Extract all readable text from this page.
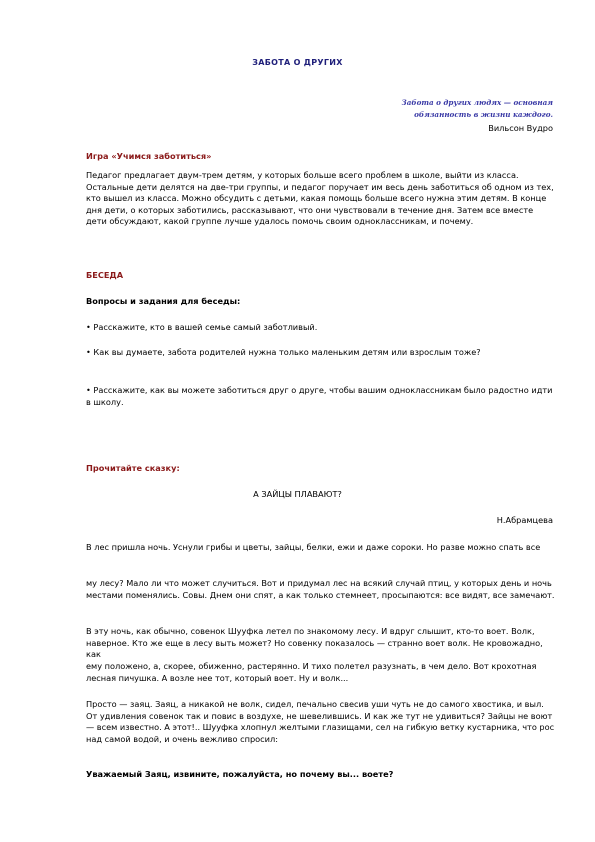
ЗАБОТА О ДРУГИХ
Забота о других людях — основная
обязанность в жизни каждого.
Вильсон Вудро
Игра «Учимся заботиться»
Педагог предлагает двум-трем детям, у которых больше всего проблем в школе, выйти из класса. Остальные дети делятся на две-три группы, и педагог поручает им весь день заботиться об одном из тех, кто вышел из класса. Можно обсудить с детьми, какая помощь больше всего нужна этим детям. В конце дня дети, о которых заботились, рассказывают, что они чувствовали в течение дня. Затем все вместе дети обсуждают, какой группе лучше удалось помочь своим одноклассникам, и почему.
БЕСЕДА
Вопросы и задания для беседы:
• Расскажите, кто в вашей семье самый заботливый.
• Как вы думаете, забота родителей нужна только маленьким детям или взрослым тоже?
• Расскажите, как вы можете заботиться друг о друге, чтобы вашим одноклассникам было радостно идти в школу.
Прочитайте сказку:
А ЗАЙЦЫ ПЛАВАЮТ?
Н.Абрамцева
В лес пришла ночь. Уснули грибы и цветы, зайцы, белки, ежи и даже сороки. Но разве можно спать все
му лесу? Мало ли что может случиться. Вот и придумал лес на всякий случай птиц, у которых день и ночь местами поменялись. Совы. Днем они спят, а как только стемнеет, просыпаются: все видят, все замечают.
В эту ночь, как обычно, совенок Шууфка летел по знакомому лесу. И вдруг слышит, кто-то воет. Волк, наверное. Кто же еще в лесу выть может? Но совенку показалось — странно воет волк. Не кровожадно, как
ему положено, а, скорее, обиженно, растерянно. И тихо полетел разузнать, в чем дело. Вот крохотная лесная пичушка. А возле нее тот, который воет. Ну и волк...
Просто — заяц. Заяц, а никакой не волк, сидел, печально свесив уши чуть не до самого хвостика, и выл. От удивления совенок так и повис в воздухе, не шевелившись. И как же тут не удивиться? Зайцы не воют — всем известно. А этот!.. Шууфка хлопнул желтыми глазищами, сел на гибкую ветку кустарника, что рос над самой водой, и очень вежливо спросил:
Уважаемый Заяц, извините, пожалуйста, но почему вы... воете?
